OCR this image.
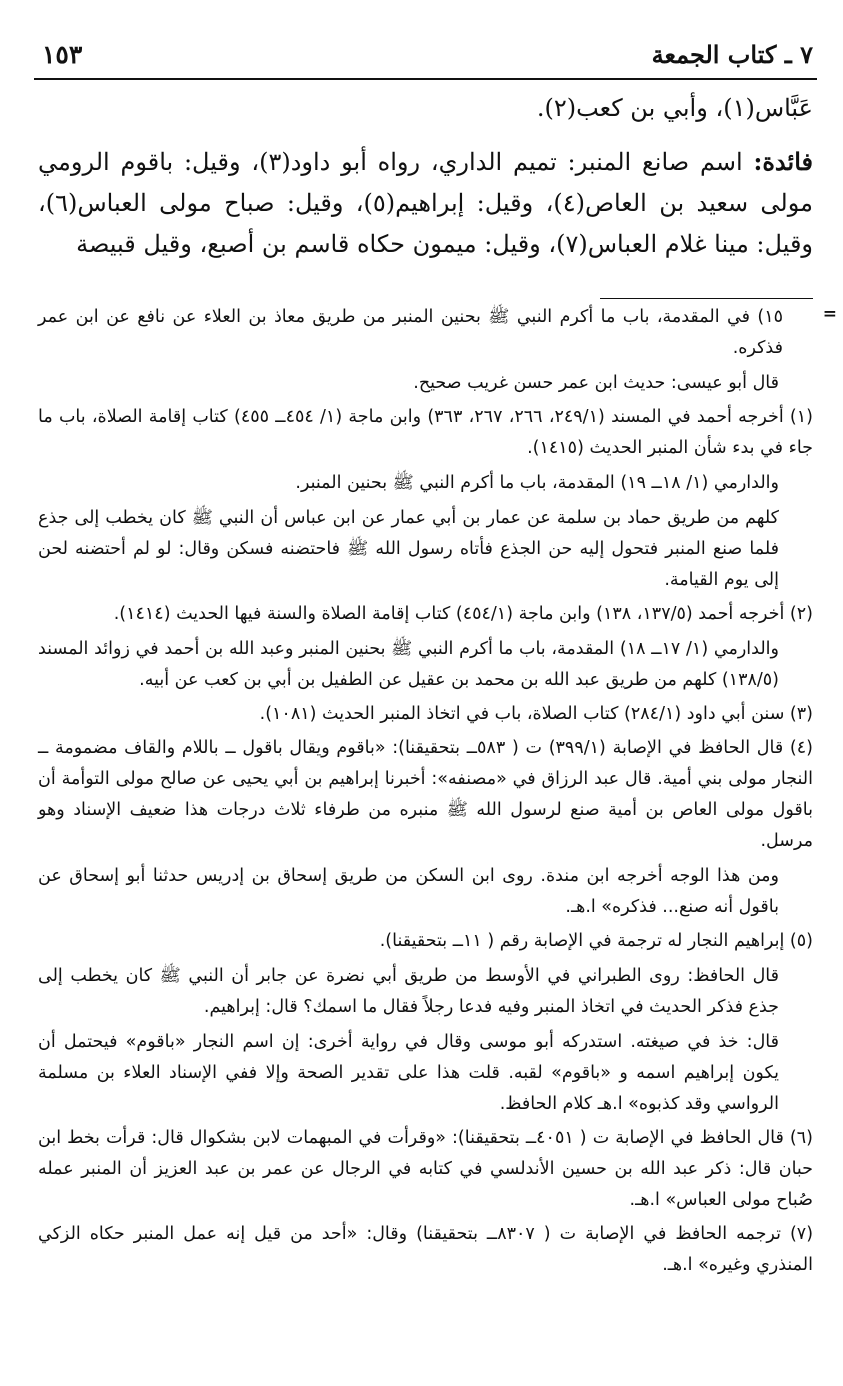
١٥٣	٧ ـ كتاب الجمعة

عَبَّاس(١)، وأبي بن كعب(٢).

فائدة: اسم صانع المنبر: تميم الداري، رواه أبو داود(٣)، وقيل: باقوم الرومي مولى سعيد بن العاص(٤)، وقيل: إبراهيم(٥)، وقيل: صباح مولى العباس(٦)، وقيل: مينا غلام العباس(٧)، وقيل: ميمون حكاه قاسم بن أصبع، وقيل قبيصة

=
١٥) في المقدمة، باب ما أكرم النبي ﷺ بحنين المنبر من طريق معاذ بن العلاء عن نافع عن ابن عمر فذكره.
قال أبو عيسى: حديث ابن عمر حسن غريب صحيح.
(١) أخرجه أحمد في المسند (٢٤٩/١، ٢٦٦، ٢٦٧، ٣٦٣) وابن ماجة (١/ ٤٥٤ــ ٤٥٥) كتاب إقامة الصلاة، باب ما جاء في بدء شأن المنبر الحديث (١٤١٥).
والدارمي (١/ ١٨ــ ١٩) المقدمة، باب ما أكرم النبي ﷺ بحنين المنبر.
كلهم من طريق حماد بن سلمة عن عمار بن أبي عمار عن ابن عباس أن النبي ﷺ كان يخطب إلى جذع فلما صنع المنبر فتحول إليه حن الجذع فأتاه رسول الله ﷺ فاحتضنه فسكن وقال: لو لم أحتضنه لحن إلى يوم القيامة.
(٢) أخرجه أحمد (١٣٧/٥، ١٣٨) وابن ماجة (٤٥٤/١) كتاب إقامة الصلاة والسنة فيها الحديث (١٤١٤).
والدارمي (١/ ١٧ــ ١٨) المقدمة، باب ما أكرم النبي ﷺ بحنين المنبر وعبد الله بن أحمد في زوائد المسند (١٣٨/٥) كلهم من طريق عبد الله بن محمد بن عقيل عن الطفيل بن أبي بن كعب عن أبيه.
(٣) سنن أبي داود (٢٨٤/١) كتاب الصلاة، باب في اتخاذ المنبر الحديث (١٠٨١).
(٤) قال الحافظ في الإصابة (٣٩٩/١) ت ( ٥٨٣ــ بتحقيقنا): «باقوم ويقال باقول ــ باللام والقاف مضمومة ــ النجار مولى بني أمية. قال عبد الرزاق في «مصنفه»: أخبرنا إبراهيم بن أبي يحيى عن صالح مولى التوأمة أن باقول مولى العاص بن أمية صنع لرسول الله ﷺ منبره من طرفاء ثلاث درجات هذا ضعيف الإسناد وهو مرسل.
ومن هذا الوجه أخرجه ابن مندة. روى ابن السكن من طريق إسحاق بن إدريس حدثنا أبو إسحاق عن باقول أنه صنع... فذكره» ا.هـ.
(٥) إبراهيم النجار له ترجمة في الإصابة رقم ( ١١ــ بتحقيقنا).
قال الحافظ: روى الطبراني في الأوسط من طريق أبي نضرة عن جابر أن النبي ﷺ كان يخطب إلى جذع فذكر الحديث في اتخاذ المنبر وفيه فدعا رجلاً فقال ما اسمك؟ قال: إبراهيم.
قال: خذ في صيغته. استدركه أبو موسى وقال في رواية أخرى: إن اسم النجار «باقوم» فيحتمل أن يكون إبراهيم اسمه و «باقوم» لقبه. قلت هذا على تقدير الصحة وإلا ففي الإسناد العلاء بن مسلمة الرواسي وقد كذبوه» ا.هـ كلام الحافظ.
(٦) قال الحافظ في الإصابة ت ( ٤٠٥١ــ بتحقيقنا): «وقرأت في المبهمات لابن بشكوال قال: قرأت بخط ابن حبان قال: ذكر عبد الله بن حسين الأندلسي في كتابه في الرجال عن عمر بن عبد العزيز أن المنبر عمله صُباح مولى العباس» ا.هـ.
(٧) ترجمه الحافظ في الإصابة ت ( ٨٣٠٧ــ بتحقيقنا) وقال: «أحد من قيل إنه عمل المنبر حكاه الزكي المنذري وغيره» ا.هـ.
